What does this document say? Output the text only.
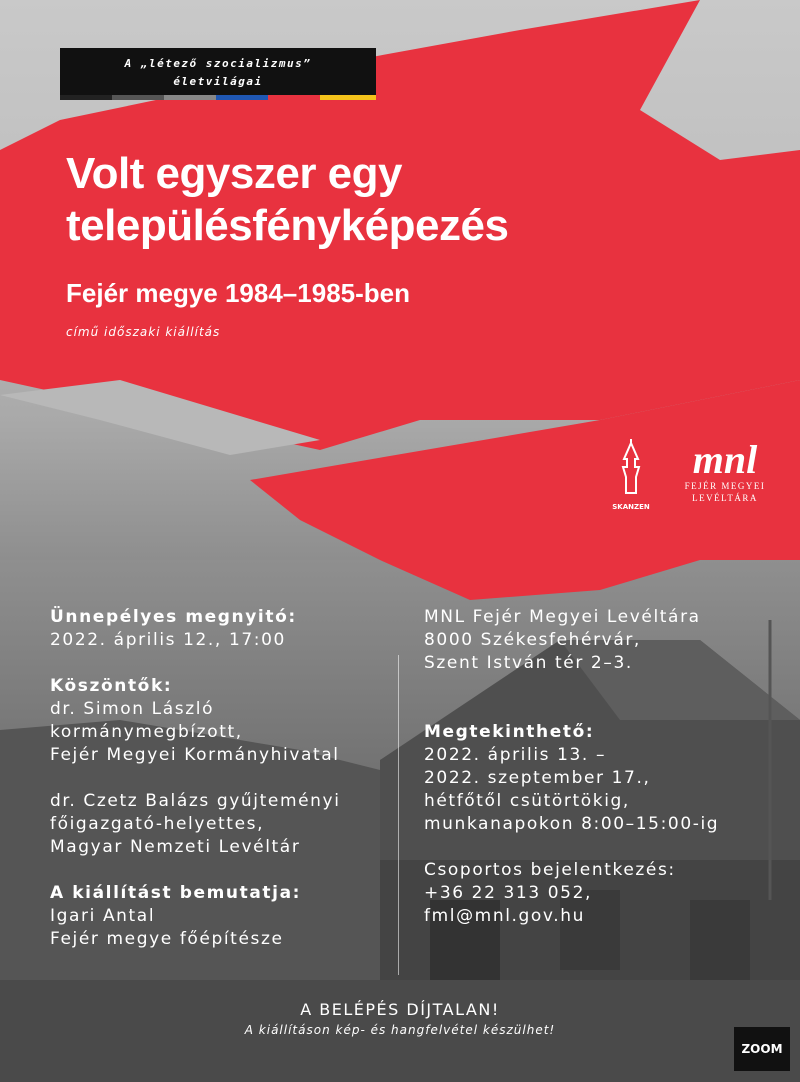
A „létező szocializmus”
életvilágai
Volt egyszer egy
településfényképezés
Fejér megye 1984–1985-ben
című időszaki kiállítás
SKANZEN
mnl
FEJÉR MEGYEI
LEVÉLTÁRA
Ünnepélyes megnyitó:
2022. április 12., 17:00
Köszöntők:
dr. Simon László
kormánymegbízott,
Fejér Megyei Kormányhivatal
dr. Czetz Balázs gyűjteményi
főigazgató-helyettes,
Magyar Nemzeti Levéltár
A kiállítást bemutatja:
Igari Antal
Fejér megye főépítésze
MNL Fejér Megyei Levéltára
8000 Székesfehérvár,
Szent István tér 2–3.
Megtekinthető:
2022. április 13. –
2022. szeptember 17.,
hétfőtől csütörtökig,
munkanapokon 8:00–15:00-ig
Csoportos bejelentkezés:
+36 22 313 052,
fml@mnl.gov.hu
A BELÉPÉS DÍJTALAN!
A kiállításon kép- és hangfelvétel készülhet!
ZOOM
